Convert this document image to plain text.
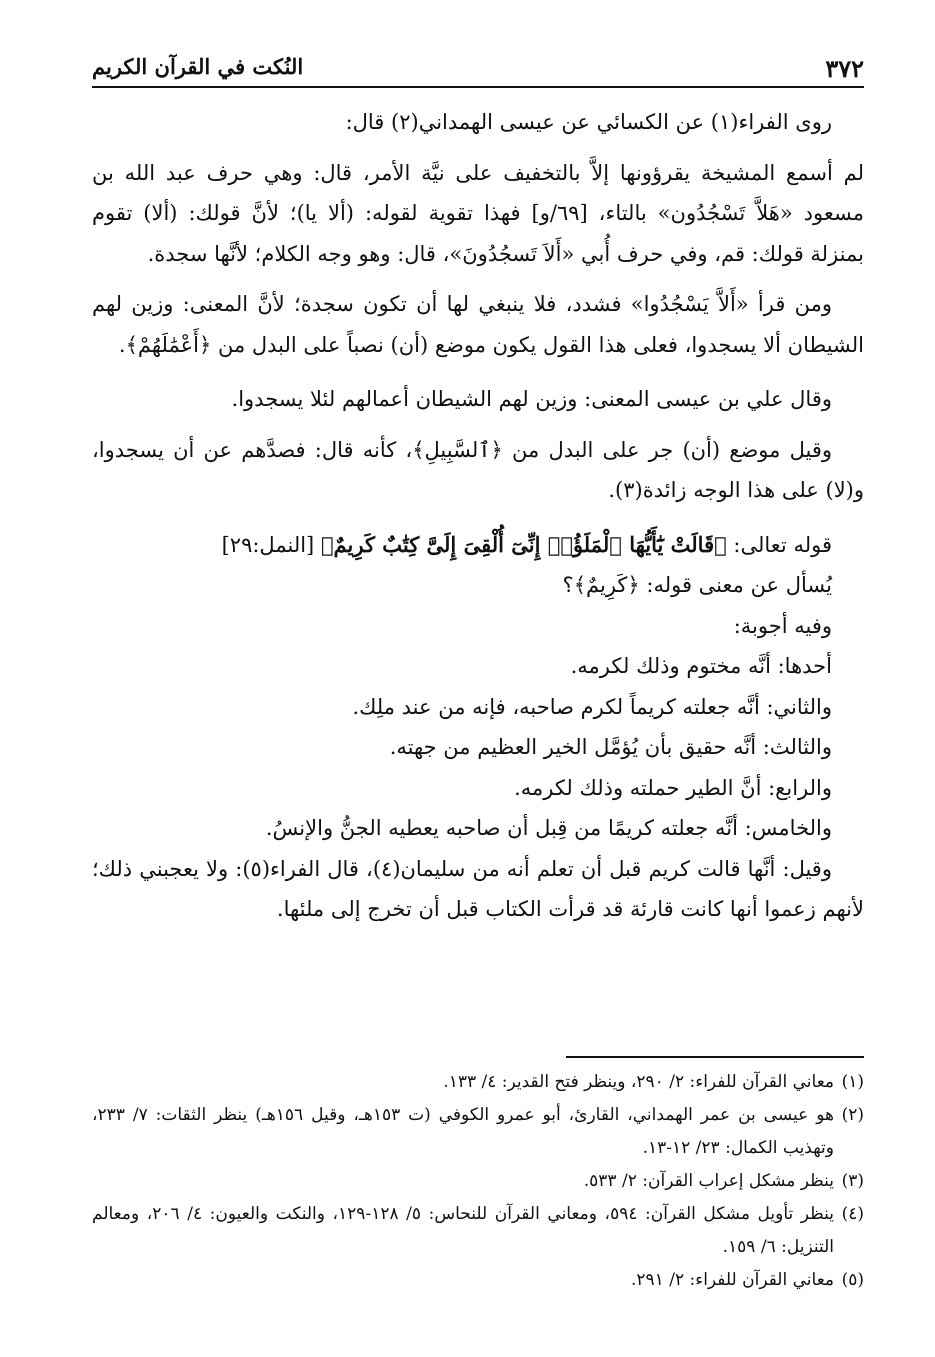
٣٧٢
النُكت في القرآن الكريم

روى الفراء(١) عن الكسائي عن عيسى الهمداني(٢) قال:

لم أسمع المشيخة يقرؤونها إلاَّ بالتخفيف على نيَّة الأمر، قال: وهي حرف عبد الله بن مسعود «هَلاَّ تَسْجُدُون» بالتاء، [٦٩/و] فهذا تقوية لقوله: (ألا يا)؛ لأنَّ قولك: (ألا) تقوم بمنزلة قولك: قم، وفي حرف أُبي «أَلاَ تَسجُدُونَ»، قال: وهو وجه الكلام؛ لأنَّها سجدة.

ومن قرأ «أَلاَّ يَسْجُدُوا» فشدد، فلا ينبغي لها أن تكون سجدة؛ لأنَّ المعنى: وزين لهم الشيطان ألا يسجدوا، فعلى هذا القول يكون موضع (أن) نصباً على البدل من ﴿أَعْمَٰلَهُمْ﴾.

وقال علي بن عيسى المعنى: وزين لهم الشيطان أعمالهم لئلا يسجدوا.

وقيل موضع (أن) جر على البدل من ﴿ٱلسَّبِيلِ﴾، كأنه قال: فصدَّهم عن أن يسجدوا، و(لا) على هذا الوجه زائدة(٣).

قوله تعالى: ﴿قَالَتْ يَٰٓأَيُّهَا ٱلْمَلَؤُا۟ إِنِّىٓ أُلْقِىَ إِلَىَّ كِتَٰبٌ كَرِيمٌ﴾ [النمل:٢٩]

يُسأل عن معنى قوله: ﴿كَرِيمٌ﴾؟

وفيه أجوبة:

أحدها: أنَّه مختوم وذلك لكرمه.

والثاني: أنَّه جعلته كريماً لكرم صاحبه، فإنه من عند ملِك.

والثالث: أنَّه حقيق بأن يُؤمَّل الخير العظيم من جهته.

والرابع: أنَّ الطير حملته وذلك لكرمه.

والخامس: أنَّه جعلته كريمًا من قِبل أن صاحبه يعطيه الجنُّ والإنسُ.

وقيل: أنَّها قالت كريم قبل أن تعلم أنه من سليمان(٤)، قال الفراء(٥): ولا يعجبني ذلك؛ لأنهم زعموا أنها كانت قارئة قد قرأت الكتاب قبل أن تخرج إلى ملئها.

(١)
معاني القرآن للفراء: ٢/ ٢٩٠، وينظر فتح القدير: ٤/ ١٣٣.

(٢)
هو عيسى بن عمر الهمداني، القارئ، أبو عمرو الكوفي (ت ١٥٣هـ، وقيل ١٥٦هـ) ينظر الثقات: ٧/ ٢٣٣، وتهذيب الكمال: ٢٣/ ١٢-١٣.

(٣)
ينظر مشكل إعراب القرآن: ٢/ ٥٣٣.

(٤)
ينظر تأويل مشكل القرآن: ٥٩٤، ومعاني القرآن للنحاس: ٥/ ١٢٨-١٢٩، والنكت والعيون: ٤/ ٢٠٦، ومعالم التنزيل: ٦/ ١٥٩.

(٥)
معاني القرآن للفراء: ٢/ ٢٩١.
